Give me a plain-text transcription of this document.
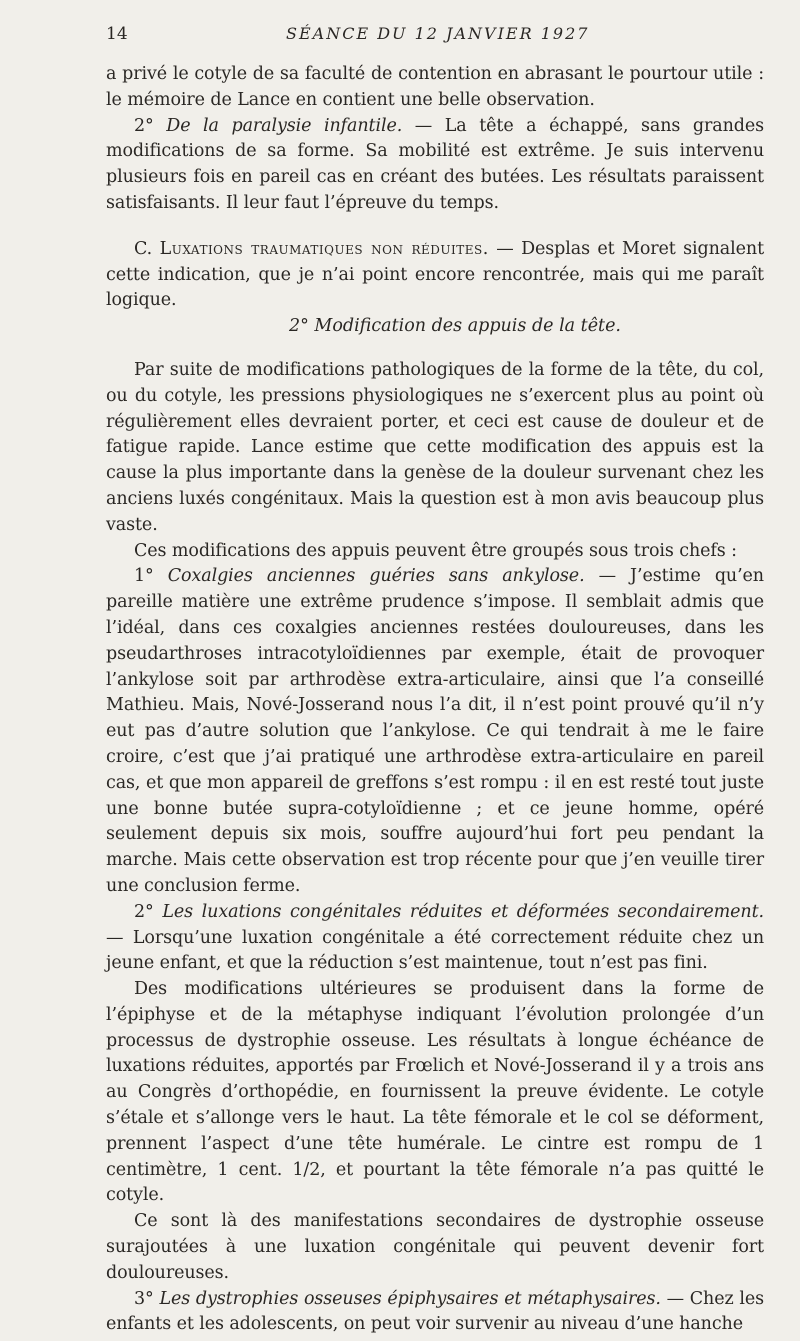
14	SÉANCE DU 12 JANVIER 1927

a privé le cotyle de sa faculté de contention en abrasant le pourtour utile : le mémoire de Lance en contient une belle observation.

2° De la paralysie infantile. — La tête a échappé, sans grandes modifications de sa forme. Sa mobilité est extrême. Je suis intervenu plusieurs fois en pareil cas en créant des butées. Les résultats paraissent satisfaisants. Il leur faut l’épreuve du temps.

C. Luxations traumatiques non réduites. — Desplas et Moret signalent cette indication, que je n’ai point encore rencontrée, mais qui me paraît logique.

2° Modification des appuis de la tête.

Par suite de modifications pathologiques de la forme de la tête, du col, ou du cotyle, les pressions physiologiques ne s’exercent plus au point où régulièrement elles devraient porter, et ceci est cause de douleur et de fatigue rapide. Lance estime que cette modification des appuis est la cause la plus importante dans la genèse de la douleur survenant chez les anciens luxés congénitaux. Mais la question est à mon avis beaucoup plus vaste.

Ces modifications des appuis peuvent être groupés sous trois chefs :

1° Coxalgies anciennes guéries sans ankylose. — J’estime qu’en pareille matière une extrême prudence s’impose. Il semblait admis que l’idéal, dans ces coxalgies anciennes restées douloureuses, dans les pseudarthroses intracotyloïdiennes par exemple, était de provoquer l’ankylose soit par arthrodèse extra-articulaire, ainsi que l’a conseillé Mathieu. Mais, Nové-Josserand nous l’a dit, il n’est point prouvé qu’il n’y eut pas d’autre solution que l’ankylose. Ce qui tendrait à me le faire croire, c’est que j’ai pratiqué une arthrodèse extra-articulaire en pareil cas, et que mon appareil de greffons s’est rompu : il en est resté tout juste une bonne butée supra-cotyloïdienne ; et ce jeune homme, opéré seulement depuis six mois, souffre aujourd’hui fort peu pendant la marche. Mais cette observation est trop récente pour que j’en veuille tirer une conclusion ferme.

2° Les luxations congénitales réduites et déformées secondairement. — Lorsqu’une luxation congénitale a été correctement réduite chez un jeune enfant, et que la réduction s’est maintenue, tout n’est pas fini.

Des modifications ultérieures se produisent dans la forme de l’épiphyse et de la métaphyse indiquant l’évolution prolongée d’un processus de dystrophie osseuse. Les résultats à longue échéance de luxations réduites, apportés par Frœlich et Nové-Josserand il y a trois ans au Congrès d’orthopédie, en fournissent la preuve évidente. Le cotyle s’étale et s’allonge vers le haut. La tête fémorale et le col se déforment, prennent l’aspect d’une tête humérale. Le cintre est rompu de 1 centimètre, 1 cent. 1/2, et pourtant la tête fémorale n’a pas quitté le cotyle.

Ce sont là des manifestations secondaires de dystrophie osseuse surajoutées à une luxation congénitale qui peuvent devenir fort douloureuses.

3° Les dystrophies osseuses épiphysaires et métaphysaires. — Chez les enfants et les adolescents, on peut voir survenir au niveau d’une hanche
